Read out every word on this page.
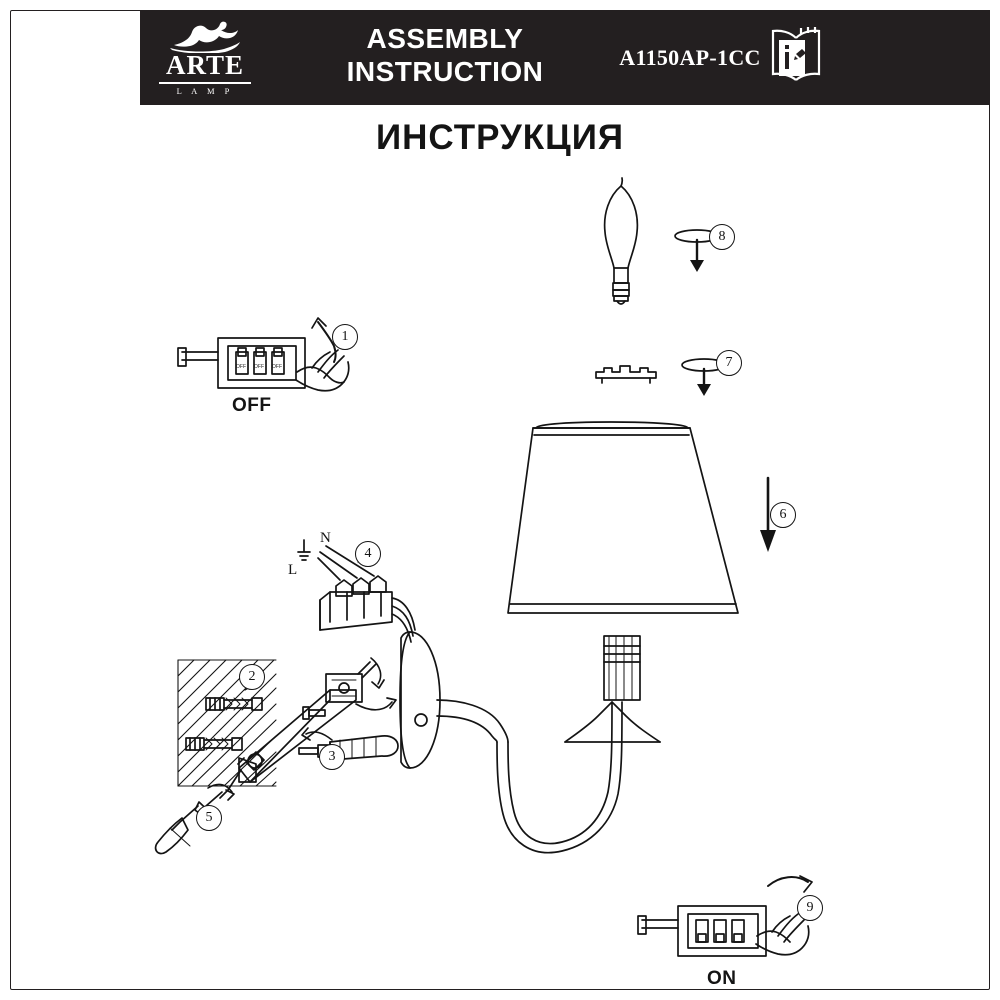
ARTE
L A M P
ASSEMBLY
INSTRUCTION	A1150AP-1CC
ИНСТРУКЦИЯ
1
2
3
4
5
6
7
8
9
OFF
ON
N
L
OFF OFF OFF
